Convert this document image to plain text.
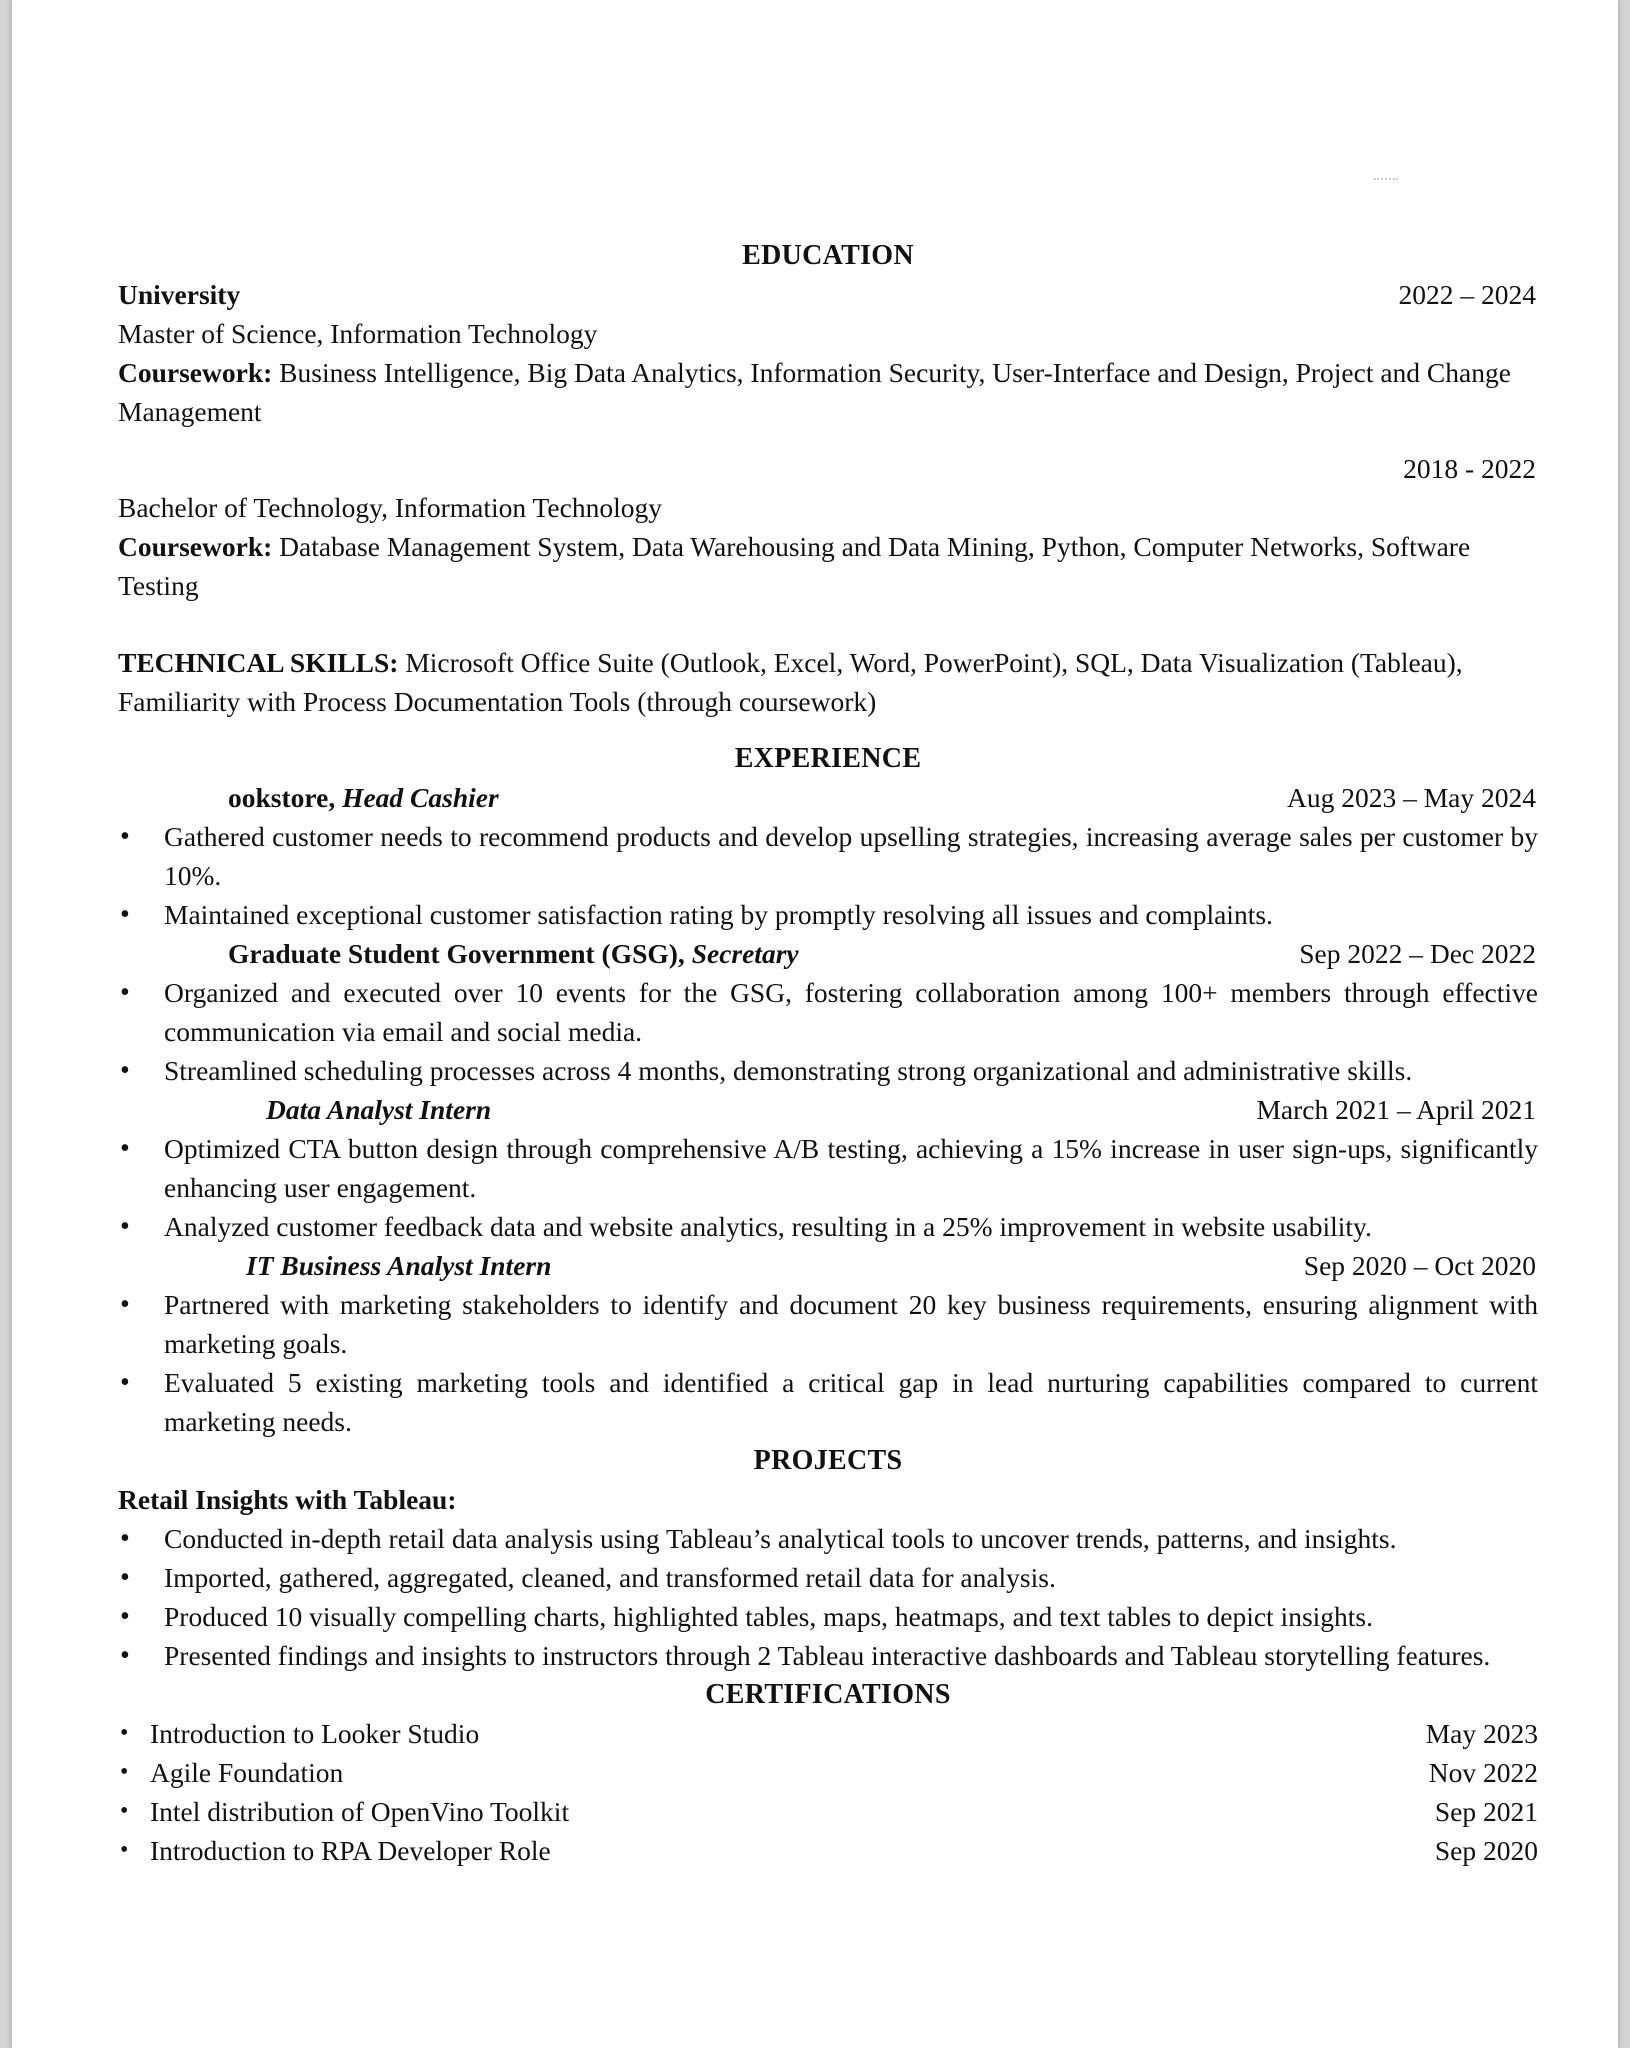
EDUCATION
University	2022 – 2024
Master of Science, Information Technology
Coursework: Business Intelligence, Big Data Analytics, Information Security, User-Interface and Design, Project and Change Management
2018 - 2022
Bachelor of Technology, Information Technology
Coursework: Database Management System, Data Warehousing and Data Mining, Python, Computer Networks, Software Testing
TECHNICAL SKILLS: Microsoft Office Suite (Outlook, Excel, Word, PowerPoint), SQL, Data Visualization (Tableau), Familiarity with Process Documentation Tools (through coursework)
EXPERIENCE
ookstore, Head Cashier	Aug 2023 – May 2024
• Gathered customer needs to recommend products and develop upselling strategies, increasing average sales per customer by 10%.
• Maintained exceptional customer satisfaction rating by promptly resolving all issues and complaints.
Graduate Student Government (GSG), Secretary	Sep 2022 – Dec 2022
• Organized and executed over 10 events for the GSG, fostering collaboration among 100+ members through effective communication via email and social media.
• Streamlined scheduling processes across 4 months, demonstrating strong organizational and administrative skills.
Data Analyst Intern	March 2021 – April 2021
• Optimized CTA button design through comprehensive A/B testing, achieving a 15% increase in user sign-ups, significantly enhancing user engagement.
• Analyzed customer feedback data and website analytics, resulting in a 25% improvement in website usability.
IT Business Analyst Intern	Sep 2020 – Oct 2020
• Partnered with marketing stakeholders to identify and document 20 key business requirements, ensuring alignment with marketing goals.
• Evaluated 5 existing marketing tools and identified a critical gap in lead nurturing capabilities compared to current marketing needs.
PROJECTS
Retail Insights with Tableau:
• Conducted in-depth retail data analysis using Tableau’s analytical tools to uncover trends, patterns, and insights.
• Imported, gathered, aggregated, cleaned, and transformed retail data for analysis.
• Produced 10 visually compelling charts, highlighted tables, maps, heatmaps, and text tables to depict insights.
• Presented findings and insights to instructors through 2 Tableau interactive dashboards and Tableau storytelling features.
CERTIFICATIONS
• Introduction to Looker Studio	May 2023
• Agile Foundation	Nov 2022
• Intel distribution of OpenVino Toolkit	Sep 2021
• Introduction to RPA Developer Role	Sep 2020
